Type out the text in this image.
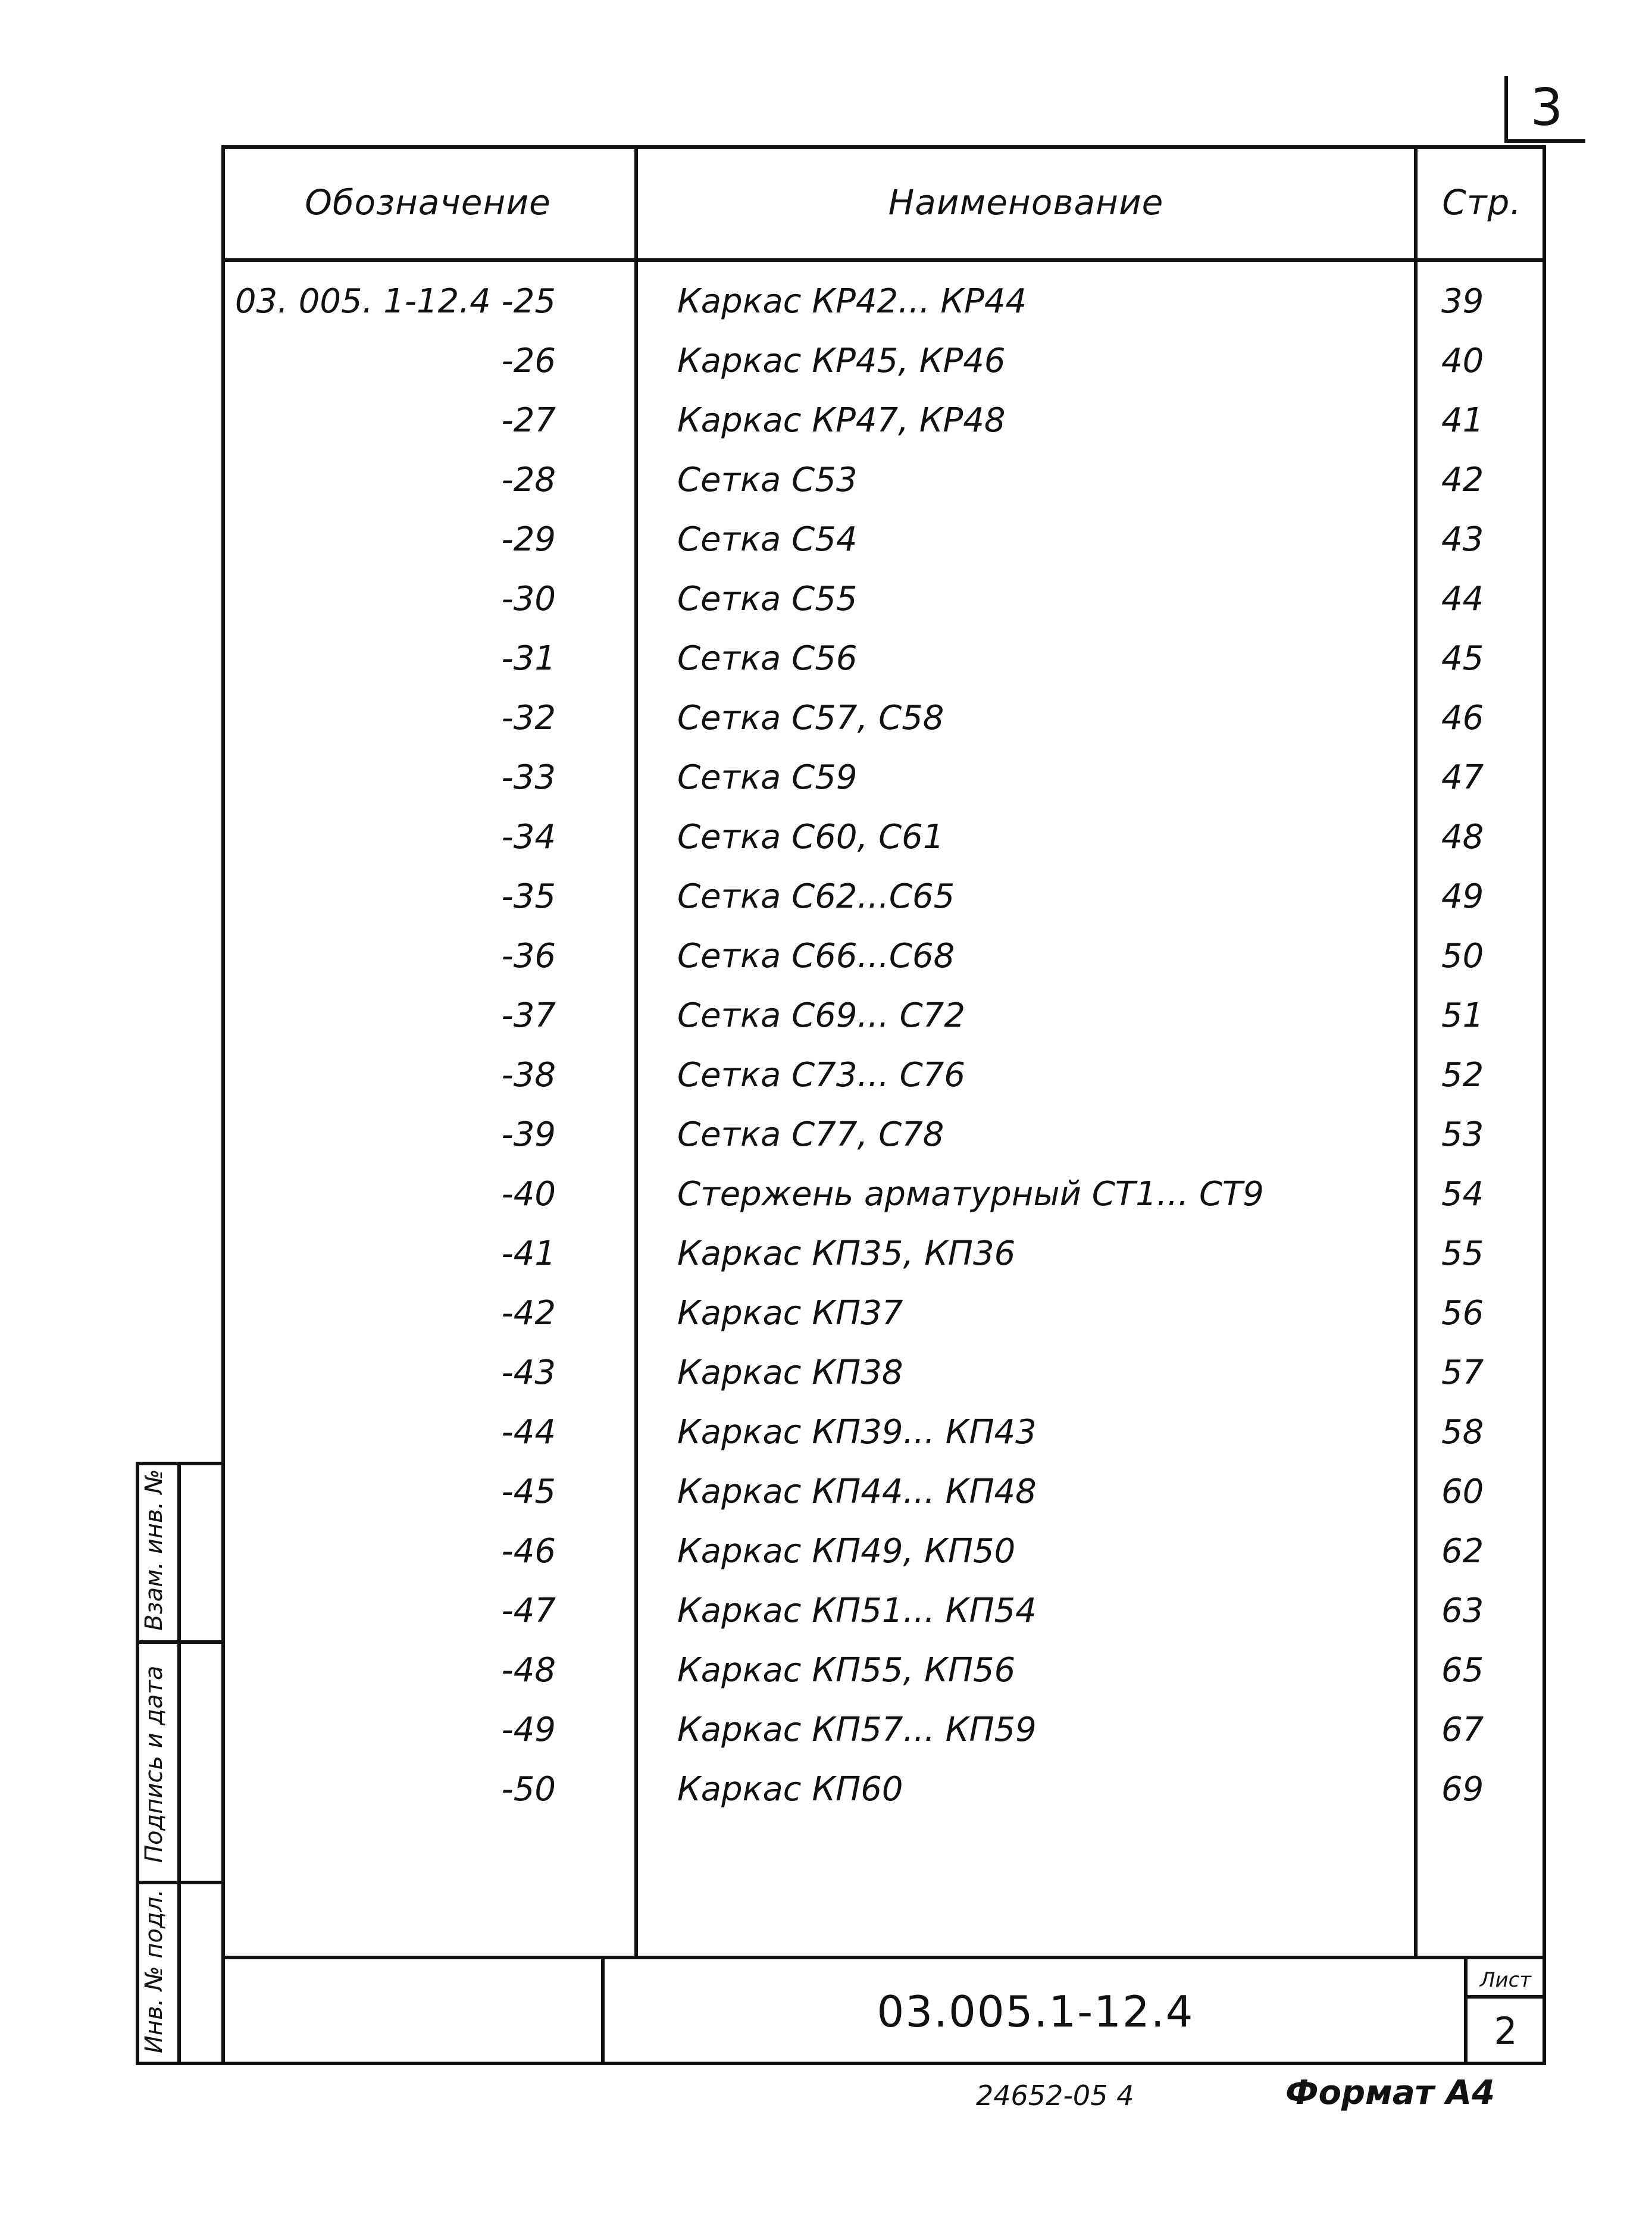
3
Обозначение	Наименование	Стр.
03. 005. 1-12.4 -25	Каркас КР42... КР44	39
-26	Каркас КР45, КР46	40
-27	Каркас КР47, КР48	41
-28	Сетка С53	42
-29	Сетка С54	43
-30	Сетка С55	44
-31	Сетка С56	45
-32	Сетка С57, С58	46
-33	Сетка С59	47
-34	Сетка С60, С61	48
-35	Сетка С62...С65	49
-36	Сетка С66...С68	50
-37	Сетка С69... С72	51
-38	Сетка С73... С76	52
-39	Сетка С77, С78	53
-40	Стержень арматурный СТ1... СТ9	54
-41	Каркас КП35, КП36	55
-42	Каркас КП37	56
-43	Каркас КП38	57
-44	Каркас КП39... КП43	58
-45	Каркас КП44... КП48	60
-46	Каркас КП49, КП50	62
-47	Каркас КП51... КП54	63
-48	Каркас КП55, КП56	65
-49	Каркас КП57... КП59	67
-50	Каркас КП60	69
03.005.1-12.4
Лист
2
Взам. инв. №
Подпись и дата
Инв. № подл.
24652-05 4	Формат А4
